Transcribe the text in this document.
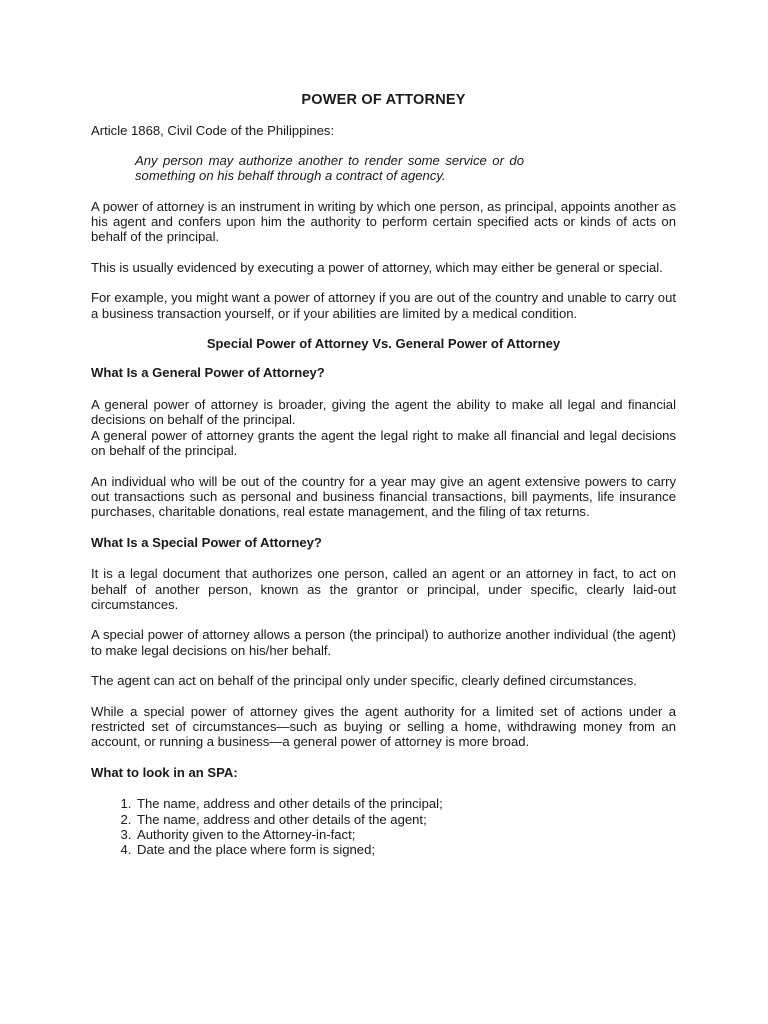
POWER OF ATTORNEY

Article 1868, Civil Code of the Philippines:

Any person may authorize another to render some service or do something on his behalf through a contract of agency.

A power of attorney is an instrument in writing by which one person, as principal, appoints another as his agent and confers upon him the authority to perform certain specified acts or kinds of acts on behalf of the principal.

This is usually evidenced by executing a power of attorney, which may either be general or special.

For example, you might want a power of attorney if you are out of the country and unable to carry out a business transaction yourself, or if your abilities are limited by a medical condition.

Special Power of Attorney Vs. General Power of Attorney
What Is a General Power of Attorney?

A general power of attorney is broader, giving the agent the ability to make all legal and financial decisions on behalf of the principal.

A general power of attorney grants the agent the legal right to make all financial and legal decisions on behalf of the principal.

An individual who will be out of the country for a year may give an agent extensive powers to carry out transactions such as personal and business financial transactions, bill payments, life insurance purchases, charitable donations, real estate management, and the filing of tax returns.

What Is a Special Power of Attorney?

It is a legal document that authorizes one person, called an agent or an attorney in fact, to act on behalf of another person, known as the grantor or principal, under specific, clearly laid-out circumstances.

A special power of attorney allows a person (the principal) to authorize another individual (the agent) to make legal decisions on his/her behalf.

The agent can act on behalf of the principal only under specific, clearly defined circumstances.

While a special power of attorney gives the agent authority for a limited set of actions under a restricted set of circumstances—such as buying or selling a home, withdrawing money from an account, or running a business—a general power of attorney is more broad.

What to look in an SPA:
1. The name, address and other details of the principal;
2. The name, address and other details of the agent;
3. Authority given to the Attorney-in-fact;
4. Date and the place where form is signed;
